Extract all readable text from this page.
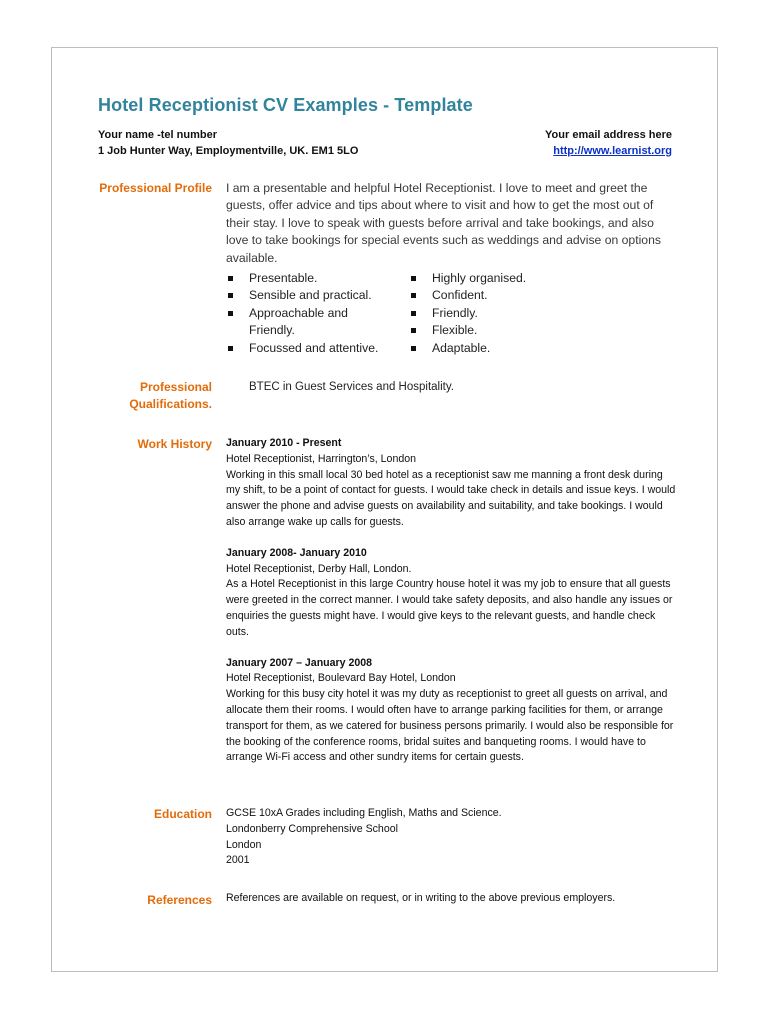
Hotel Receptionist CV Examples - Template
Your name -tel number
1 Job Hunter Way, Employmentville, UK. EM1 5LO
Your email address here
http://www.learnist.org
Professional Profile I am a presentable and helpful Hotel Receptionist. I love to meet and greet the guests, offer advice and tips about where to visit and how to get the most out of their stay. I love to speak with guests before arrival and take bookings, and also love to take bookings for special events such as weddings and advise on options available.
Presentable.
Sensible and practical.
Approachable and Friendly.
Focussed and attentive.
Highly organised.
Confident.
Friendly.
Flexible.
Adaptable.
Professional
Qualifications.
BTEC in Guest Services and Hospitality.
Work History January 2010 - Present
Hotel Receptionist, Harrington’s, London
Working in this small local 30 bed hotel as a receptionist saw me manning a front desk during my shift, to be a point of contact for guests. I would take check in details and issue keys. I would answer the phone and advise guests on availability and suitability, and take bookings. I would also arrange wake up calls for guests.
January 2008- January 2010
Hotel Receptionist, Derby Hall, London.
As a Hotel Receptionist in this large Country house hotel it was my job to ensure that all guests were greeted in the correct manner. I would take safety deposits, and also handle any issues or enquiries the guests might have. I would give keys to the relevant guests, and handle check outs.
January 2007 – January 2008
Hotel Receptionist, Boulevard Bay Hotel, London
Working for this busy city hotel it was my duty as receptionist to greet all guests on arrival, and allocate them their rooms. I would often have to arrange parking facilities for them, or arrange transport for them, as we catered for business persons primarily. I would also be responsible for the booking of the conference rooms, bridal suites and banqueting rooms. I would have to arrange Wi-Fi access and other sundry items for certain guests.
Education GCSE 10xA Grades including English, Maths and Science.
Londonberry Comprehensive School
London
2001
References References are available on request, or in writing to the above previous employers.
